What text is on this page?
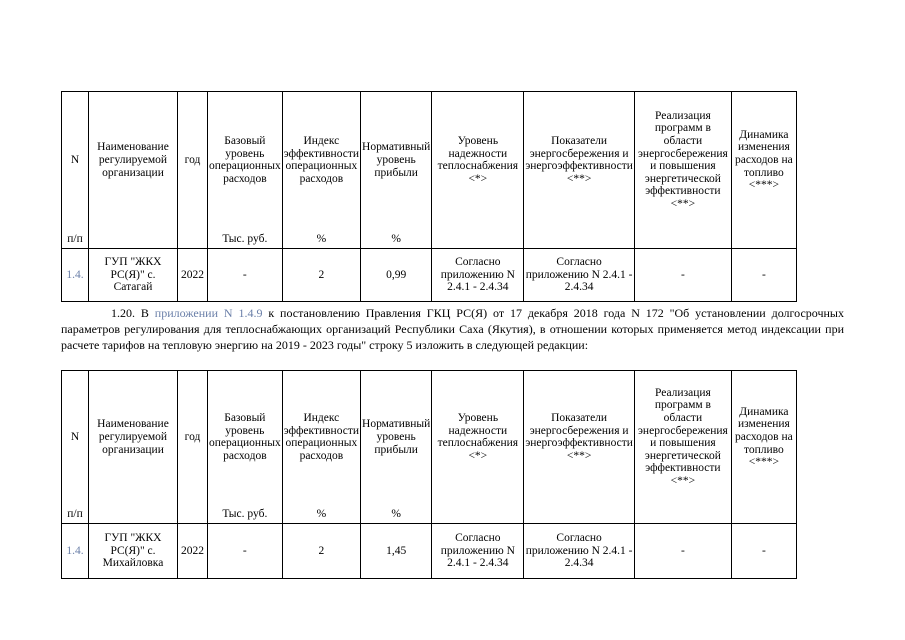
N	Наименование регулируемой организации	год	Базовый уровень операционных расходов	Индекс эффективности операционных расходов	Нормативный уровень прибыли	Уровень надежности теплоснабжения <*>	Показатели энергосбережения и энергоэффективности <**>	Реализация программ в области энергосбережения и повышения энергетической эффективности <**>	Динамика изменения расходов на топливо <***>
п/п			Тыс. руб.	%	%				
1.4.	ГУП "ЖКХ РС(Я)" с. Сатагай	2022	-	2	0,99	Согласно приложению N 2.4.1 - 2.4.34	Согласно приложению N 2.4.1 - 2.4.34	-	-

1.20. В приложении N 1.4.9 к постановлению Правления ГКЦ РС(Я) от 17 декабря 2018 года N 172 "Об установлении долгосрочных параметров регулирования для теплоснабжающих организаций Республики Саха (Якутия), в отношении которых применяется метод индексации при расчете тарифов на тепловую энергию на 2019 - 2023 годы" строку 5 изложить в следующей редакции:

N	Наименование регулируемой организации	год	Базовый уровень операционных расходов	Индекс эффективности операционных расходов	Нормативный уровень прибыли	Уровень надежности теплоснабжения <*>	Показатели энергосбережения и энергоэффективности <**>	Реализация программ в области энергосбережения и повышения энергетической эффективности <**>	Динамика изменения расходов на топливо <***>
п/п			Тыс. руб.	%	%				
1.4.	ГУП "ЖКХ РС(Я)" с. Михайловка	2022	-	2	1,45	Согласно приложению N 2.4.1 - 2.4.34	Согласно приложению N 2.4.1 - 2.4.34	-	-
